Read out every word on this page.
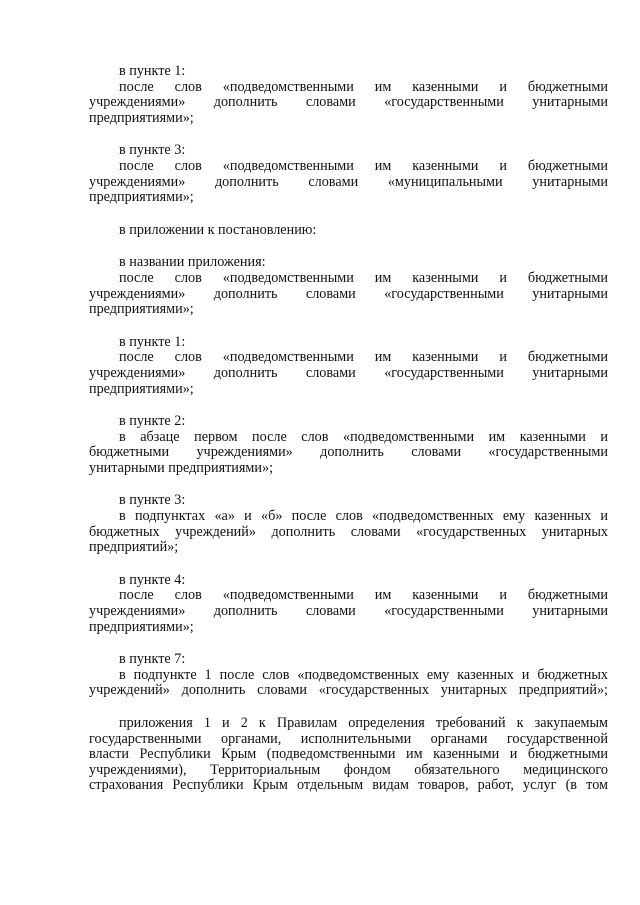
в пункте 1:
после слов «подведомственными им казенными и бюджетными
учреждениями» дополнить словами «государственными унитарными
предприятиями»;
в пункте 3:
после слов «подведомственными им казенными и бюджетными
учреждениями» дополнить словами «муниципальными унитарными
предприятиями»;
в приложении к постановлению:
в названии приложения:
после слов «подведомственными им казенными и бюджетными
учреждениями» дополнить словами «государственными унитарными
предприятиями»;
в пункте 1:
после слов «подведомственными им казенными и бюджетными
учреждениями» дополнить словами «государственными унитарными
предприятиями»;
в пункте 2:
в абзаце первом после слов «подведомственными им казенными и
бюджетными учреждениями» дополнить словами «государственными
унитарными предприятиями»;
в пункте 3:
в подпунктах «а» и «б» после слов «подведомственных ему казенных и
бюджетных учреждений» дополнить словами «государственных унитарных
предприятий»;
в пункте 4:
после слов «подведомственными им казенными и бюджетными
учреждениями» дополнить словами «государственными унитарными
предприятиями»;
в пункте 7:
в подпункте 1 после слов «подведомственных ему казенных и бюджетных
учреждений» дополнить словами «государственных унитарных предприятий»;
приложения 1 и 2 к Правилам определения требований к закупаемым
государственными органами, исполнительными органами государственной
власти Республики Крым (подведомственными им казенными и бюджетными
учреждениями), Территориальным фондом обязательного медицинского
страхования Республики Крым отдельным видам товаров, работ, услуг (в том
